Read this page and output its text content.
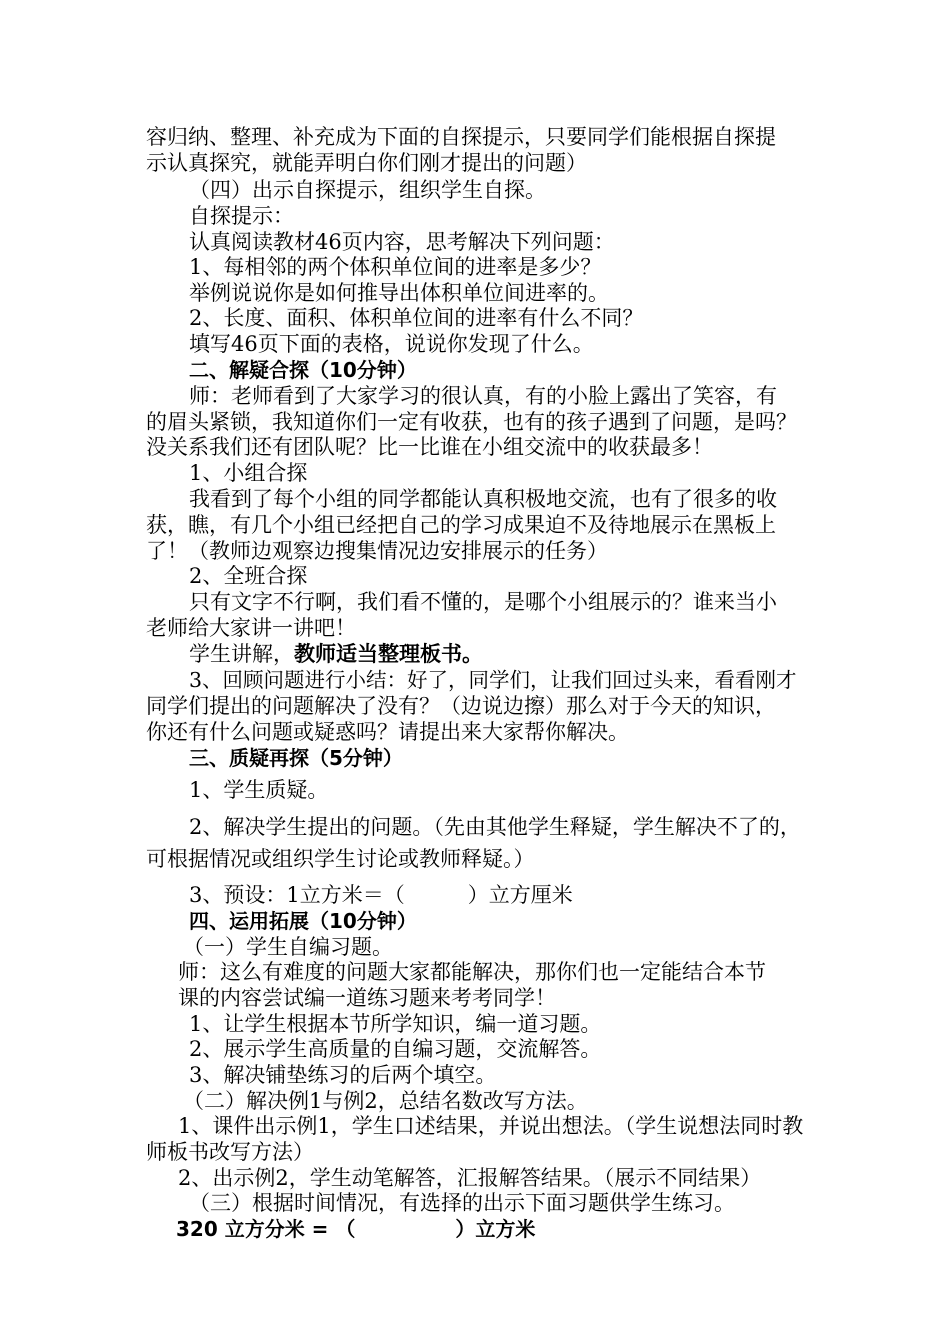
容归纳、整理、补充成为下面的自探提示，只要同学们能根据自探提
示认真探究，就能弄明白你们刚才提出的问题）
（四）出示自探提示，组织学生自探。
自探提示：
认真阅读教材46页内容，思考解决下列问题：
1、每相邻的两个体积单位间的进率是多少？
举例说说你是如何推导出体积单位间进率的。
2、长度、面积、体积单位间的进率有什么不同？
填写46页下面的表格，说说你发现了什么。
二、解疑合探（10分钟）
师：老师看到了大家学习的很认真，有的小脸上露出了笑容，有
的眉头紧锁，我知道你们一定有收获，也有的孩子遇到了问题，是吗？
没关系我们还有团队呢？比一比谁在小组交流中的收获最多！
1、小组合探
我看到了每个小组的同学都能认真积极地交流，也有了很多的收
获，瞧，有几个小组已经把自己的学习成果迫不及待地展示在黑板上
了！（教师边观察边搜集情况边安排展示的任务）
2、全班合探
只有文字不行啊，我们看不懂的，是哪个小组展示的？谁来当小
老师给大家讲一讲吧！
学生讲解，教师适当整理板书。
3、回顾问题进行小结：好了，同学们，让我们回过头来，看看刚才
同学们提出的问题解决了没有？（边说边擦）那么对于今天的知识，
你还有什么问题或疑惑吗？请提出来大家帮你解决。
三、质疑再探（5分钟）
1、学生质疑。
2、解决学生提出的问题。（先由其他学生释疑，学生解决不了的，
可根据情况或组织学生讨论或教师释疑。）
3、预设：1立方米＝（　　　）立方厘米
四、运用拓展（10分钟）
（一）学生自编习题。
师：这么有难度的问题大家都能解决，那你们也一定能结合本节
课的内容尝试编一道练习题来考考同学！
1、让学生根据本节所学知识，编一道习题。
2、展示学生高质量的自编习题，交流解答。
3、解决铺垫练习的后两个填空。
（二）解决例1与例2，总结名数改写方法。
1、课件出示例1，学生口述结果，并说出想法。（学生说想法同时教
师板书改写方法）
2、出示例2，学生动笔解答，汇报解答结果。（展示不同结果）
（三）根据时间情况，有选择的出示下面习题供学生练习。
320 立方分米 = （　　　　　）立方米
